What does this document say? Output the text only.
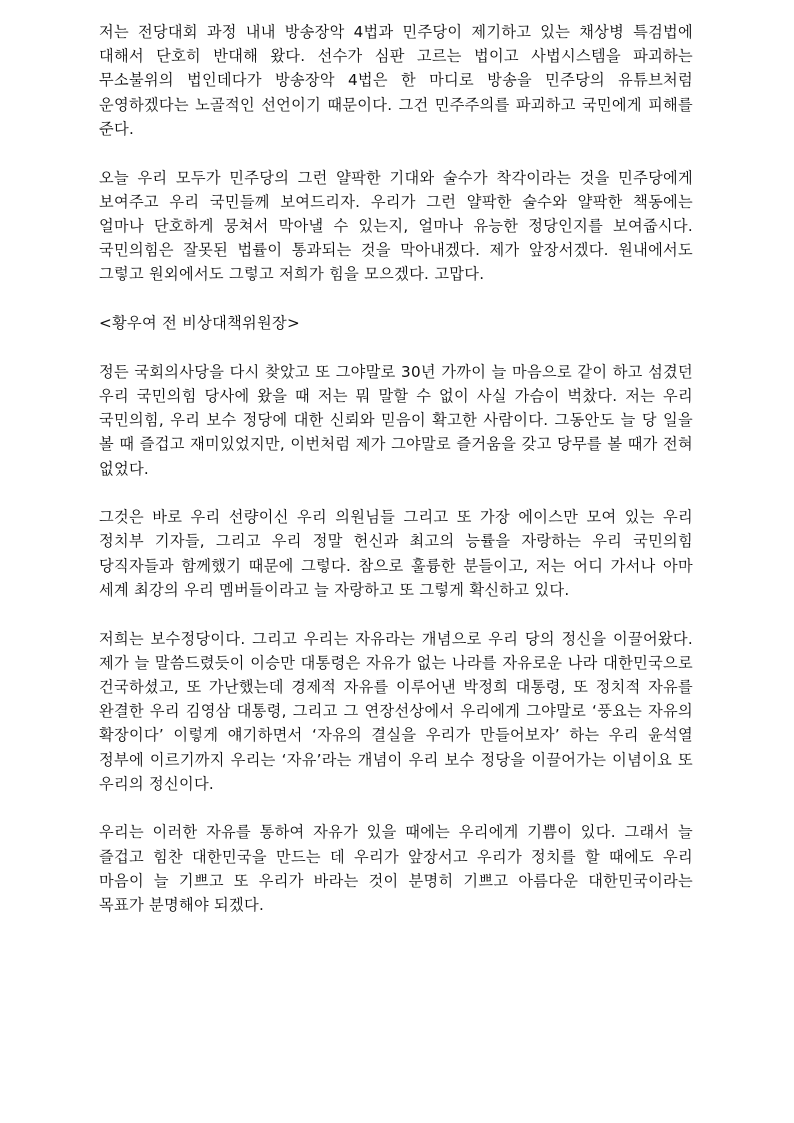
저는 전당대회 과정 내내 방송장악 4법과 민주당이 제기하고 있는 채상병 특검법에 대해서 단호히 반대해 왔다. 선수가 심판 고르는 법이고 사법시스템을 파괴하는 무소불위의 법인데다가 방송장악 4법은 한 마디로 방송을 민주당의 유튜브처럼 운영하겠다는 노골적인 선언이기 때문이다. 그건 민주주의를 파괴하고 국민에게 피해를 준다.

오늘 우리 모두가 민주당의 그런 얄팍한 기대와 술수가 착각이라는 것을 민주당에게 보여주고 우리 국민들께 보여드리자. 우리가 그런 얄팍한 술수와 얄팍한 책동에는 얼마나 단호하게 뭉쳐서 막아낼 수 있는지, 얼마나 유능한 정당인지를 보여줍시다. 국민의힘은 잘못된 법률이 통과되는 것을 막아내겠다. 제가 앞장서겠다. 원내에서도 그렇고 원외에서도 그렇고 저희가 힘을 모으겠다. 고맙다.

<황우여 전 비상대책위원장>

정든 국회의사당을 다시 찾았고 또 그야말로 30년 가까이 늘 마음으로 같이 하고 섬겼던 우리 국민의힘 당사에 왔을 때 저는 뭐 말할 수 없이 사실 가슴이 벅찼다. 저는 우리 국민의힘, 우리 보수 정당에 대한 신뢰와 믿음이 확고한 사람이다. 그동안도 늘 당 일을 볼 때 즐겁고 재미있었지만, 이번처럼 제가 그야말로 즐거움을 갖고 당무를 볼 때가 전혀 없었다.

그것은 바로 우리 선량이신 우리 의원님들 그리고 또 가장 에이스만 모여 있는 우리 정치부 기자들, 그리고 우리 정말 헌신과 최고의 능률을 자랑하는 우리 국민의힘 당직자들과 함께했기 때문에 그렇다. 참으로 훌륭한 분들이고, 저는 어디 가서나 아마 세계 최강의 우리 멤버들이라고 늘 자랑하고 또 그렇게 확신하고 있다.

저희는 보수정당이다. 그리고 우리는 자유라는 개념으로 우리 당의 정신을 이끌어왔다. 제가 늘 말씀드렸듯이 이승만 대통령은 자유가 없는 나라를 자유로운 나라 대한민국으로 건국하셨고, 또 가난했는데 경제적 자유를 이루어낸 박정희 대통령, 또 정치적 자유를 완결한 우리 김영삼 대통령, 그리고 그 연장선상에서 우리에게 그야말로 ‘풍요는 자유의 확장이다’ 이렇게 얘기하면서 ‘자유의 결실을 우리가 만들어보자’ 하는 우리 윤석열 정부에 이르기까지 우리는 ‘자유’라는 개념이 우리 보수 정당을 이끌어가는 이념이요 또 우리의 정신이다.

우리는 이러한 자유를 통하여 자유가 있을 때에는 우리에게 기쁨이 있다. 그래서 늘 즐겁고 힘찬 대한민국을 만드는 데 우리가 앞장서고 우리가 정치를 할 때에도 우리 마음이 늘 기쁘고 또 우리가 바라는 것이 분명히 기쁘고 아름다운 대한민국이라는 목표가 분명해야 되겠다.
